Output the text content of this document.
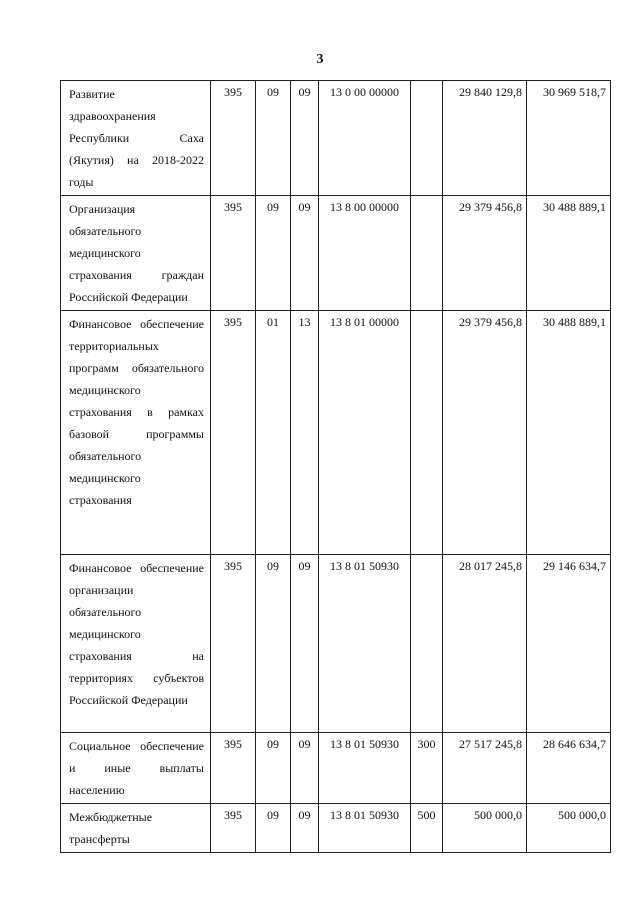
3
Развитие здравоохранения Республики Саха (Якутия) на 2018-2022 годы	395	09	09	13 0 00 00000		29 840 129,8	30 969 518,7
Организация обязательного медицинского страхования граждан Российской Федерации	395	09	09	13 8 00 00000		29 379 456,8	30 488 889,1
Финансовое обеспечение территориальных программ обязательного медицинского страхования в рамках базовой программы обязательного медицинского страхования	395	01	13	13 8 01 00000		29 379 456,8	30 488 889,1
Финансовое обеспечение организации обязательного медицинского страхования на территориях субъектов Российской Федерации	395	09	09	13 8 01 50930		28 017 245,8	29 146 634,7
Социальное обеспечение и иные выплаты населению	395	09	09	13 8 01 50930	300	27 517 245,8	28 646 634,7
Межбюджетные трансферты	395	09	09	13 8 01 50930	500	500 000,0	500 000,0
